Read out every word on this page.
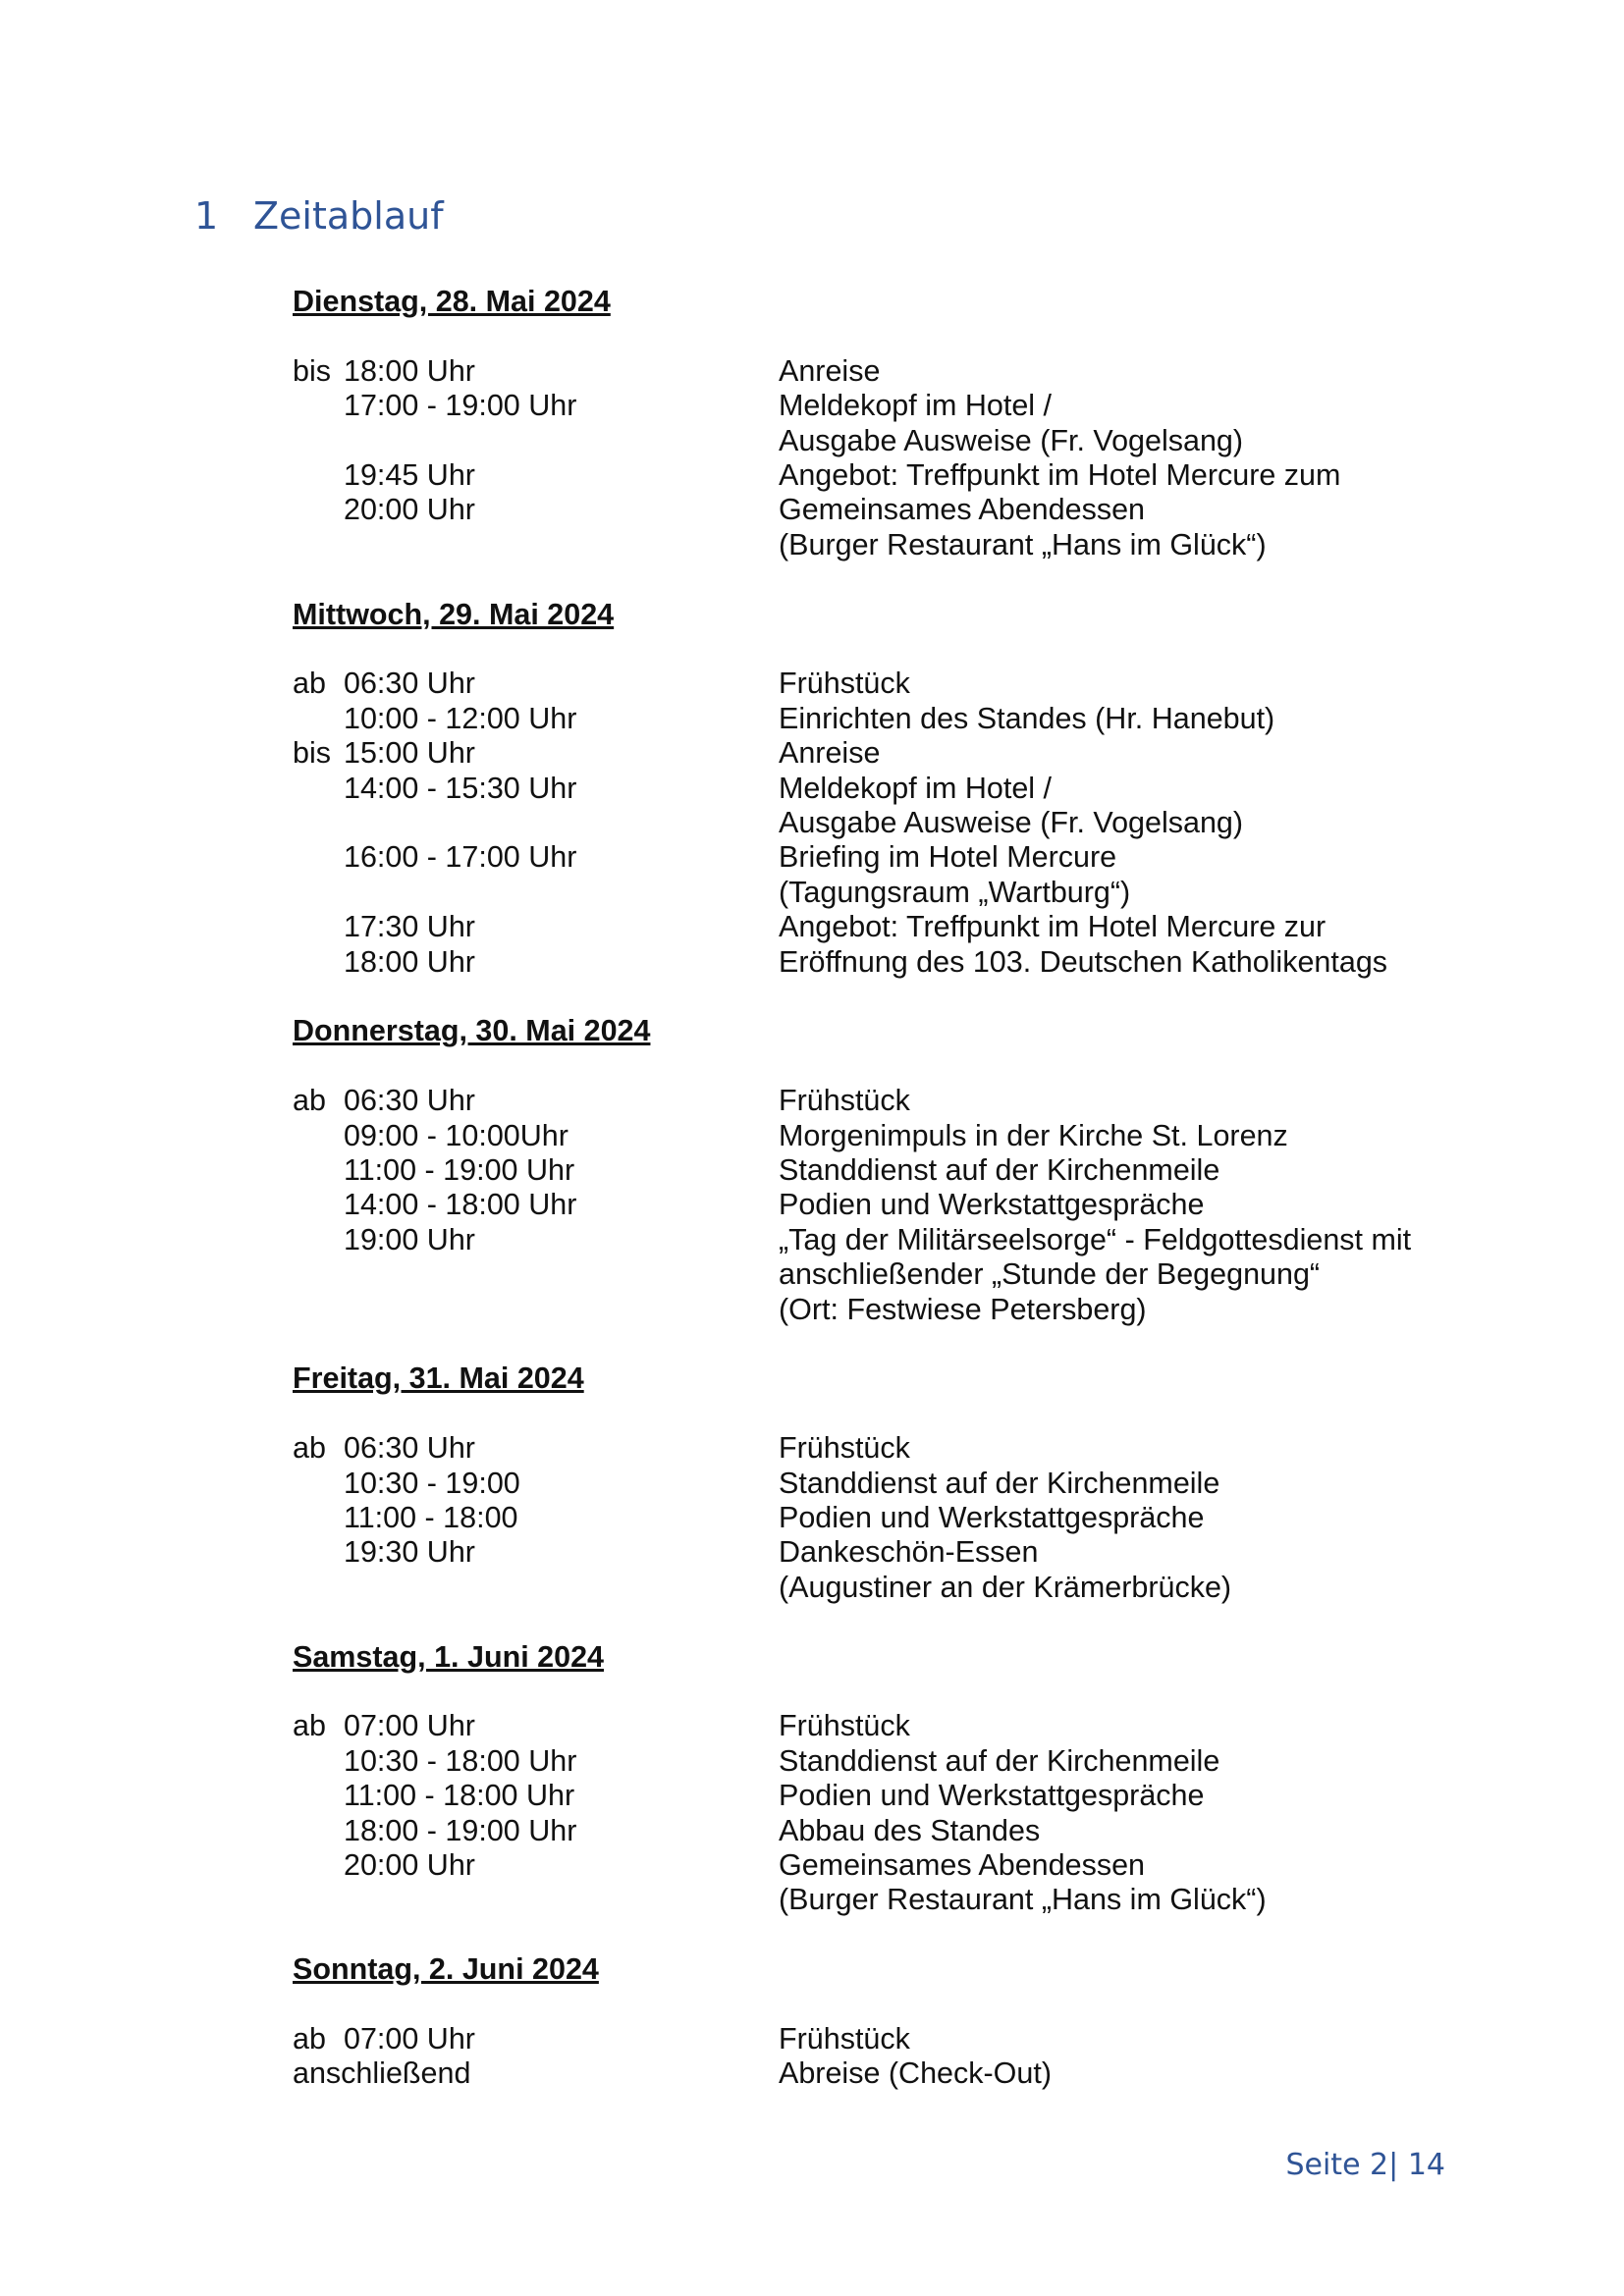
1 Zeitablauf
Dienstag, 28. Mai 2024
bis 18:00 Uhr	Anreise
17:00 - 19:00 Uhr	Meldekopf im Hotel /
Ausgabe Ausweise (Fr. Vogelsang)
19:45 Uhr	Angebot: Treffpunkt im Hotel Mercure zum
20:00 Uhr	Gemeinsames Abendessen
(Burger Restaurant „Hans im Glück“)
Mittwoch, 29. Mai 2024
ab 06:30 Uhr	Frühstück
10:00 - 12:00 Uhr	Einrichten des Standes (Hr. Hanebut)
bis 15:00 Uhr	Anreise
14:00 - 15:30 Uhr	Meldekopf im Hotel /
Ausgabe Ausweise (Fr. Vogelsang)
16:00 - 17:00 Uhr	Briefing im Hotel Mercure
(Tagungsraum „Wartburg“)
17:30 Uhr	Angebot: Treffpunkt im Hotel Mercure zur
18:00 Uhr	Eröffnung des 103. Deutschen Katholikentags
Donnerstag, 30. Mai 2024
ab 06:30 Uhr	Frühstück
09:00 - 10:00Uhr	Morgenimpuls in der Kirche St. Lorenz
11:00 - 19:00 Uhr	Standdienst auf der Kirchenmeile
14:00 - 18:00 Uhr	Podien und Werkstattgespräche
19:00 Uhr	„Tag der Militärseelsorge“ - Feldgottesdienst mit
anschließender „Stunde der Begegnung“
(Ort: Festwiese Petersberg)
Freitag, 31. Mai 2024
ab 06:30 Uhr	Frühstück
10:30 - 19:00	Standdienst auf der Kirchenmeile
11:00 - 18:00	Podien und Werkstattgespräche
19:30 Uhr	Dankeschön-Essen
(Augustiner an der Krämerbrücke)
Samstag, 1. Juni 2024
ab 07:00 Uhr	Frühstück
10:30 - 18:00 Uhr	Standdienst auf der Kirchenmeile
11:00 - 18:00 Uhr	Podien und Werkstattgespräche
18:00 - 19:00 Uhr	Abbau des Standes
20:00 Uhr	Gemeinsames Abendessen
(Burger Restaurant „Hans im Glück“)
Sonntag, 2. Juni 2024
ab 07:00 Uhr	Frühstück
anschließend	Abreise (Check-Out)
Seite 2| 14
